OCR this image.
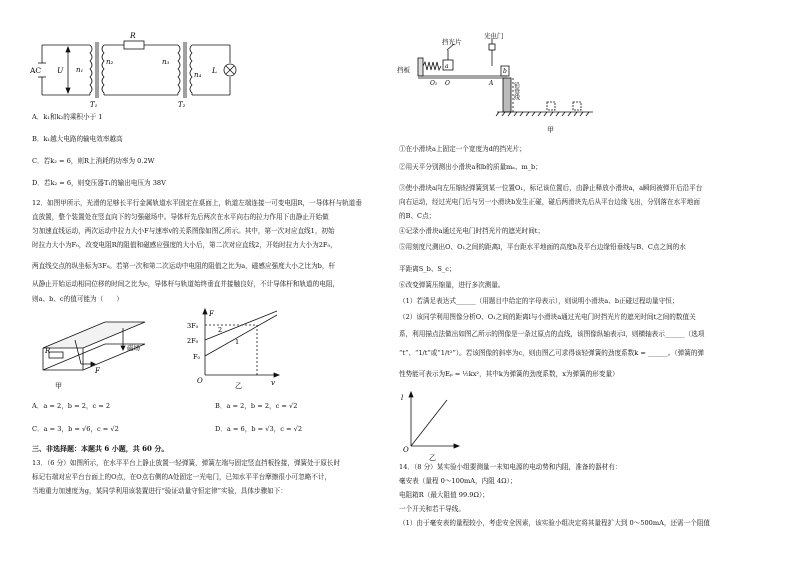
AC U n₁
n₂
R
n₃
n₄ L
T₁	T₂
A．k₁和k₂的乘积小于 1
B．k₁越大电路的输电效率越高
C．若k₂ = 6，则R上消耗的功率为 0.2W
D．若k₂ = 6，则变压器T₁的输出电压为 38V
12．如图甲所示，光滑的足够长平行金属轨道水平固定在桌面上，轨道左端连接一可变电阻R，一导体杆与轨道垂
直放置，整个装置处在竖直向下的匀强磁场中。导体杆先后两次在水平向右的拉力作用下由静止开始做
匀加速直线运动，两次运动中拉力大小F与速率v的关系图像如图乙所示。其中，第一次对应直线1，初始
时拉力大小为F₀，改变电阻R的阻值和磁感应强度的大小后，第二次对应直线2，开始时拉力大小为2F₀，
两直线交点的纵坐标为3F₀。若第一次和第二次运动中电阻的阻值之比为a，磁感应强度大小之比为b，杆
从静止开始运动相同位移的时间之比为c，导体杆与轨道始终垂直并接触良好，不计导体杆和轨道的电阻，
则a、b、c的值可能为（　　）
R
F
磁场
甲
F
3F₀
2F₀
F₀
O	v
1
2
乙
A．a = 2，b = 2，c = 2	B．a = 2，b = 2，c = √2
C．a = 3，b = √6，c = √2	D．a = 6，b = √3，c = √2
三、非选择题：本题共 6 小题，共 60 分。
13．（6 分）如图所示，在水平平台上静止放置一轻弹簧，弹簧左端与固定竖直挡板拴接，弹簧处于原长时
标记右端对应平台台面上的O点，在O点右侧的A处固定一光电门，已知水平平台摩擦很小可忽略不计，
当地重力加速度为g，某同学利用该装置进行“验证动量守恒定律”实验，具体步骤如下：
挡板
挡光片
光电门
a
b
O₁ O	A	铅垂线
甲
①在小滑块a上固定一个宽度为d的挡光片；
②用天平分别测出小滑块a和b的质量mₐ、m_b；
③使小滑块a向左压缩轻弹簧到某一位置O₁，标记该位置后，由静止释放小滑块a，a瞬间被弹开后沿平台
向右运动，经过光电门后与另一小滑块b发生正碰，碰后两滑块先后从平台边缘飞出，分别落在水平地面
的B、C点；
④记录小滑块a通过光电门时挡光片的遮光时间t；
⑤用刻度尺测出O、O₁之间的距离l，平台距水平地面的高度h及平台边缘铅垂线与B、C点之间的水
平距离S_b、S_c；
⑥改变弹簧压缩量，进行多次测量。
（1）若满足表达式______（用题目中给定的字母表示），则说明小滑块a、b正碰过程动量守恒；
（2）该同学利用图像分析O、O₁之间的距离l与小滑块a通过光电门时挡光片的遮光时间t之间的数值关
系，利用描点法做出如图乙所示的图像是一条过原点的直线，该图像纵轴表示l，则横轴表示______（选项
“t”、“1/t”或“1/t²”）。若该图像的斜率为c，则由图乙可求得该轻弹簧的劲度系数k = ______。（弹簧的弹
性势能可表示为Eₚ = ½kx²，其中k为弹簧的劲度系数，x为弹簧的形变量）
l
O
乙
14．（8 分）某实验小组要测量一未知电源的电动势和内阻，准备的器材有：
毫安表（量程 0～100mA，内阻 4Ω）；
电阻箱R（最大阻值 99.9Ω）；
一个开关和若干导线。
（1）由于毫安表的量程较小，考虑安全因素，该实验小组决定将其量程扩大到 0～500mA，还需一个阻值
